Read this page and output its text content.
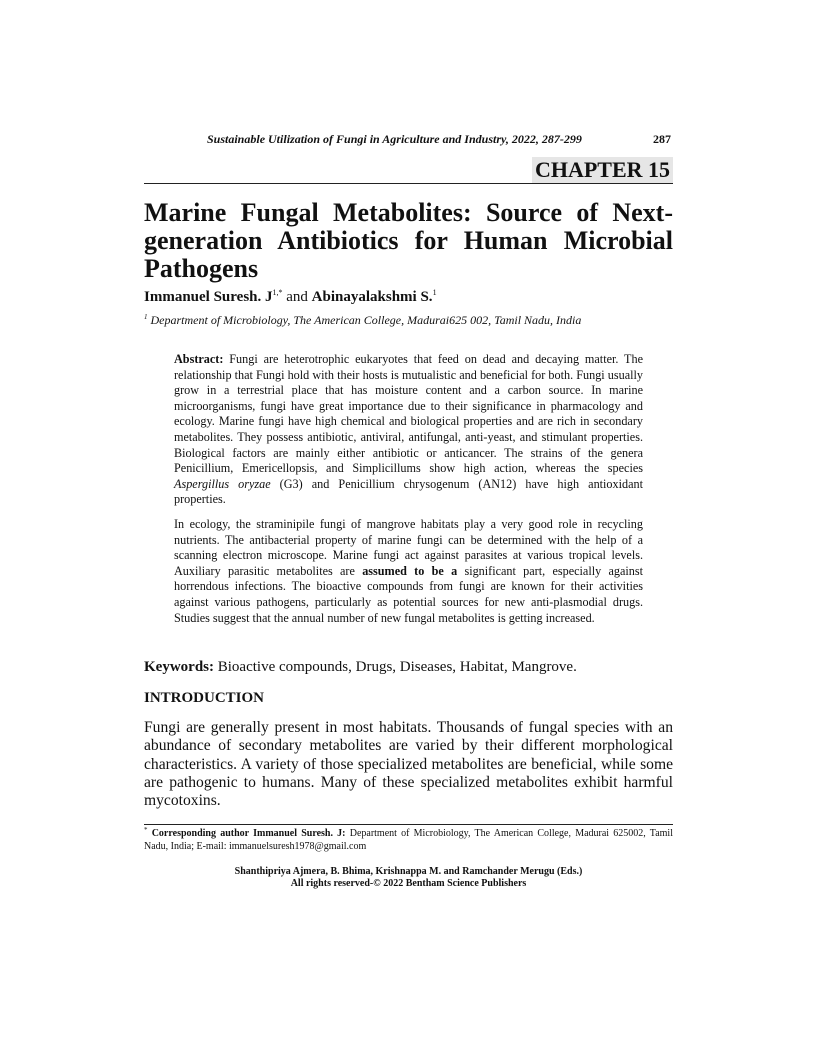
Sustainable Utilization of Fungi in Agriculture and Industry, 2022, 287-299	287
CHAPTER 15
Marine Fungal Metabolites: Source of Next-generation Antibiotics for Human Microbial Pathogens
Immanuel Suresh. $J^{1,*}$ and Abinayalakshmi S.$^1$
$^1$ Department of Microbiology, The American College, Madurai625 002, Tamil Nadu, India

Abstract: Fungi are heterotrophic eukaryotes that feed on dead and decaying matter. The relationship that Fungi hold with their hosts is mutualistic and beneficial for both. Fungi usually grow in a terrestrial place that has moisture content and a carbon source. In marine microorganisms, fungi have great importance due to their significance in pharmacology and ecology. Marine fungi have high chemical and biological properties and are rich in secondary metabolites. They possess antibiotic, antiviral, antifungal, anti-yeast, and stimulant properties. Biological factors are mainly either antibiotic or anticancer. The strains of the genera Penicillium, Emericellopsis, and Simplicillums show high action, whereas the species Aspergillus oryzae (G3) and Penicillium chrysogenum (AN12) have high antioxidant properties.

In ecology, the straminipile fungi of mangrove habitats play a very good role in recycling nutrients. The antibacterial property of marine fungi can be determined with the help of a scanning electron microscope. Marine fungi act against parasites at various tropical levels. Auxiliary parasitic metabolites are assumed to be a significant part, especially against horrendous infections. The bioactive compounds from fungi are known for their activities against various pathogens, particularly as potential sources for new anti-plasmodial drugs. Studies suggest that the annual number of new fungal metabolites is getting increased.

Keywords: Bioactive compounds, Drugs, Diseases, Habitat, Mangrove.
INTRODUCTION

Fungi are generally present in most habitats. Thousands of fungal species with an abundance of secondary metabolites are varied by their different morphological characteristics. A variety of those specialized metabolites are beneficial, while some are pathogenic to humans. Many of these specialized metabolites exhibit harmful mycotoxins.

* Corresponding author Immanuel Suresh. J: Department of Microbiology, The American College, Madurai 625002, Tamil Nadu, India; E-mail: immanuelsuresh1978@gmail.com

Shanthipriya Ajmera, B. Bhima, Krishnappa M. and Ramchander Merugu (Eds.)
All rights reserved-© 2022 Bentham Science Publishers
